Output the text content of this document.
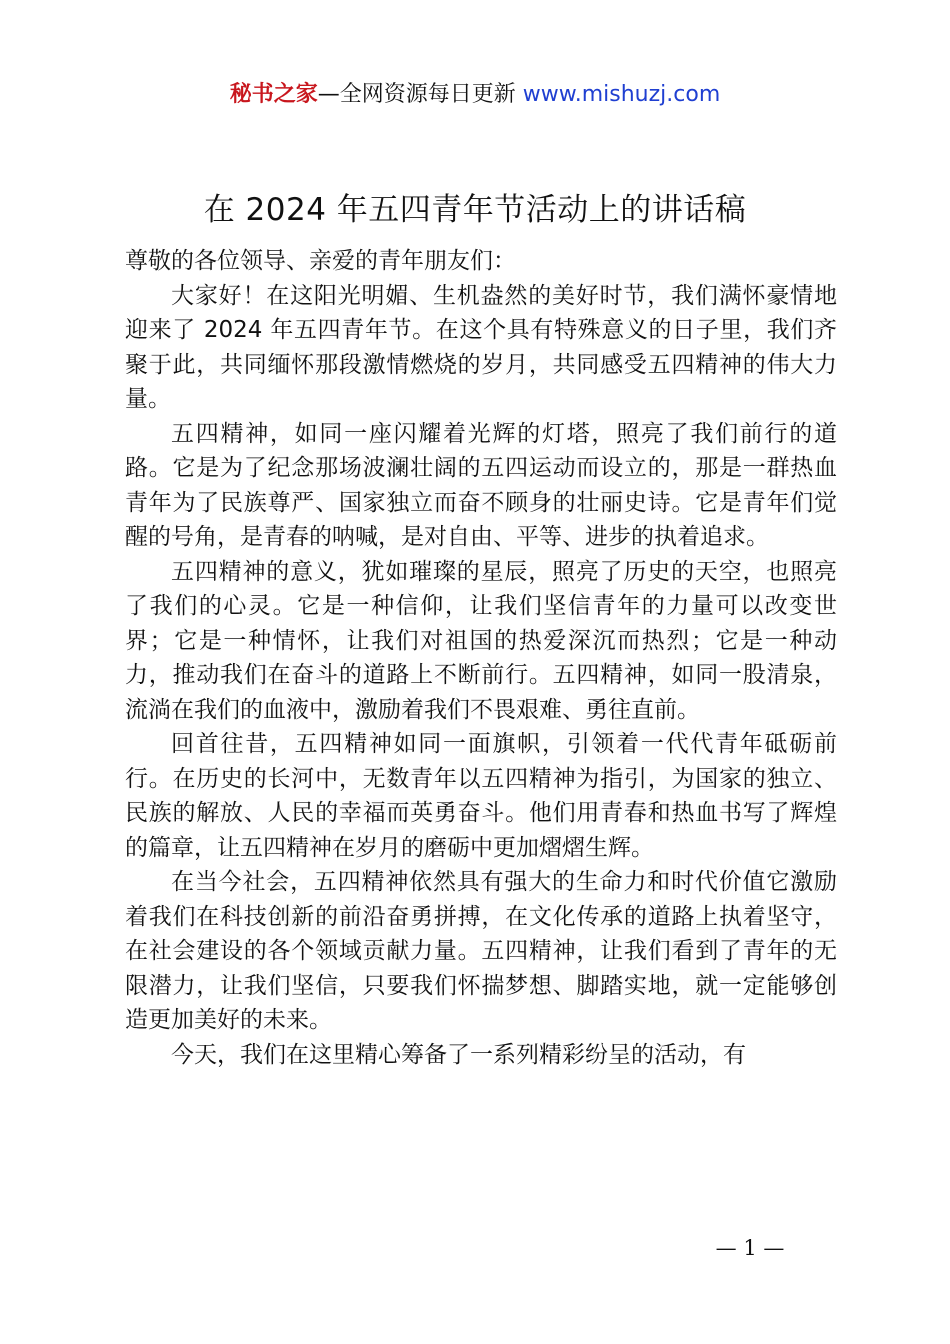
秘书之家—全网资源每日更新 www.mishuzj.com
在 2024 年五四青年节活动上的讲话稿

尊敬的各位领导、亲爱的青年朋友们：

大家好！在这阳光明媚、生机盎然的美好时节，我们满怀豪情地迎来了 2024 年五四青年节。在这个具有特殊意义的日子里，我们齐聚于此，共同缅怀那段激情燃烧的岁月，共同感受五四精神的伟大力量。

五四精神，如同一座闪耀着光辉的灯塔，照亮了我们前行的道路。它是为了纪念那场波澜壮阔的五四运动而设立的，那是一群热血青年为了民族尊严、国家独立而奋不顾身的壮丽史诗。它是青年们觉醒的号角，是青春的呐喊，是对自由、平等、进步的执着追求。

五四精神的意义，犹如璀璨的星辰，照亮了历史的天空，也照亮了我们的心灵。它是一种信仰，让我们坚信青年的力量可以改变世界；它是一种情怀，让我们对祖国的热爱深沉而热烈；它是一种动力，推动我们在奋斗的道路上不断前行。五四精神，如同一股清泉，流淌在我们的血液中，激励着我们不畏艰难、勇往直前。

回首往昔，五四精神如同一面旗帜，引领着一代代青年砥砺前行。在历史的长河中，无数青年以五四精神为指引，为国家的独立、民族的解放、人民的幸福而英勇奋斗。他们用青春和热血书写了辉煌的篇章，让五四精神在岁月的磨砺中更加熠熠生辉。

在当今社会，五四精神依然具有强大的生命力和时代价值它激励着我们在科技创新的前沿奋勇拼搏，在文化传承的道路上执着坚守，在社会建设的各个领域贡献力量。五四精神，让我们看到了青年的无限潜力，让我们坚信，只要我们怀揣梦想、脚踏实地，就一定能够创造更加美好的未来。

今天，我们在这里精心筹备了一系列精彩纷呈的活动，有

— 1 —
